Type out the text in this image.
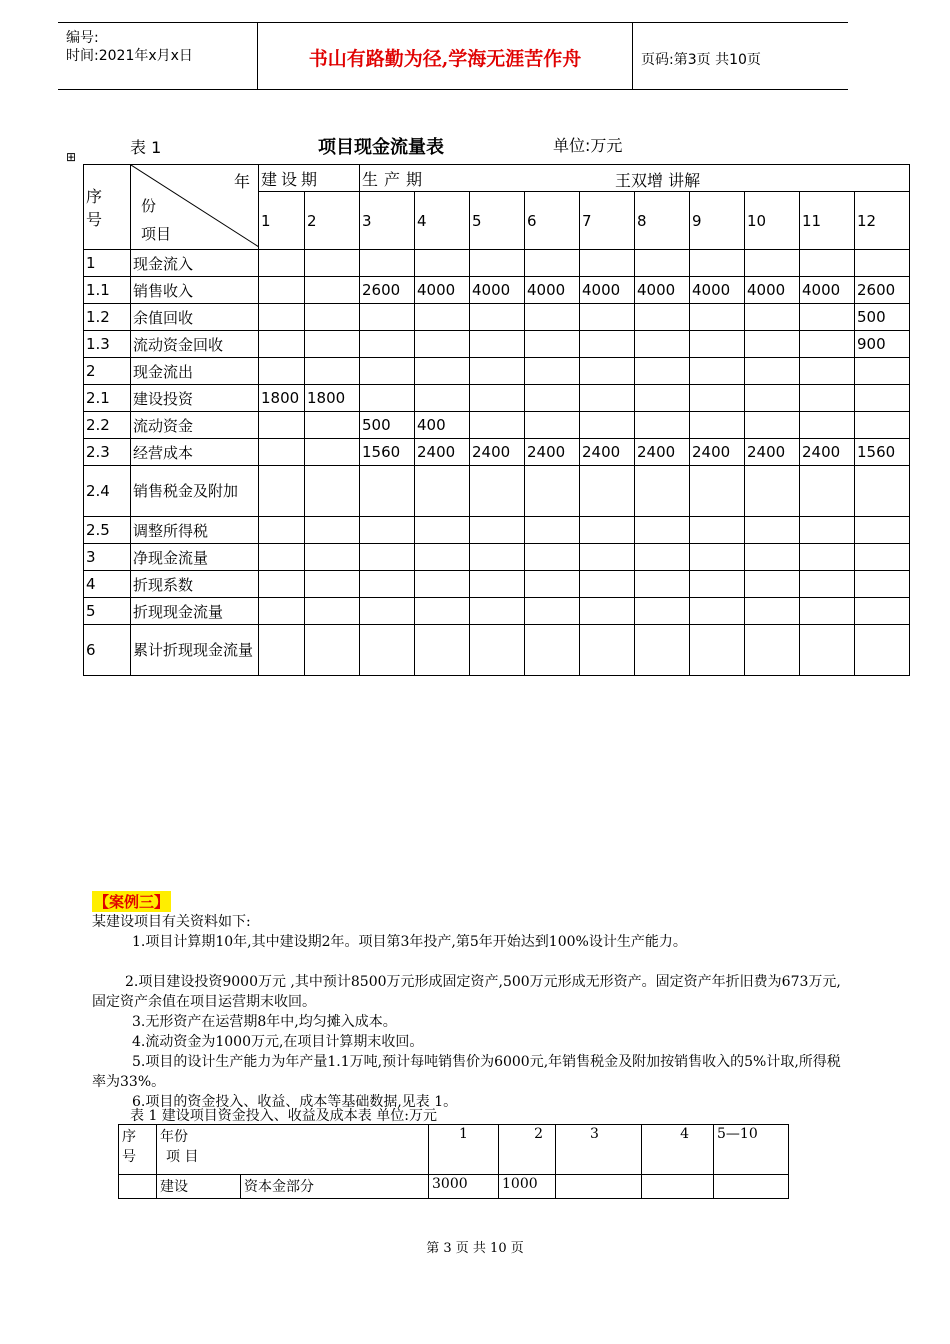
编号:
时间:2021年x月x日	书山有路勤为径,学海无涯苦作舟	页码:第3页 共10页
⊞	表 1	项目现金流量表	单位:万元
序号	年
份
项目	建设期		生产期 王双增 讲解									

		1	2	3	4	5	6	7	8	9	10	11	12
1	现金流入												
1.1	销售收入			2600	4000	4000	4000	4000	4000	4000	4000	4000	2600
1.2	余值回收												500
1.3	流动资金回收												900
2	现金流出												
2.1	建设投资	1800	1800										
2.2	流动资金			500	400								
2.3	经营成本			1560	2400	2400	2400	2400	2400	2400	2400	2400	1560
2.4	销售税金及附加												
2.5	调整所得税												
3	净现金流量												
4	折现系数												
5	折现现金流量												
6	累计折现现金流量												
【案例三】
某建设项目有关资料如下:
1.项目计算期10年,其中建设期2年。项目第3年投产,第5年开始达到100%设计生产能力。
2.项目建设投资9000万元 ,其中预计8500万元形成固定资产,500万元形成无形资产。固定资产年折旧费为673万元,固定资产余值在项目运营期末收回。
3.无形资产在运营期8年中,均匀摊入成本。
4.流动资金为1000万元,在项目计算期末收回。
5.项目的设计生产能力为年产量1.1万吨,预计每吨销售价为6000元,年销售税金及附加按销售收入的5%计取,所得税率为33%。
6.项目的资金投入、收益、成本等基础数据,见表 1。
表 1 建设项目资金投入、收益及成本表 单位:万元
序号	年份
项 目		1	2	3	4	5—10
	建设	资本金部分	3000	1000			
第 3 页 共 10 页
